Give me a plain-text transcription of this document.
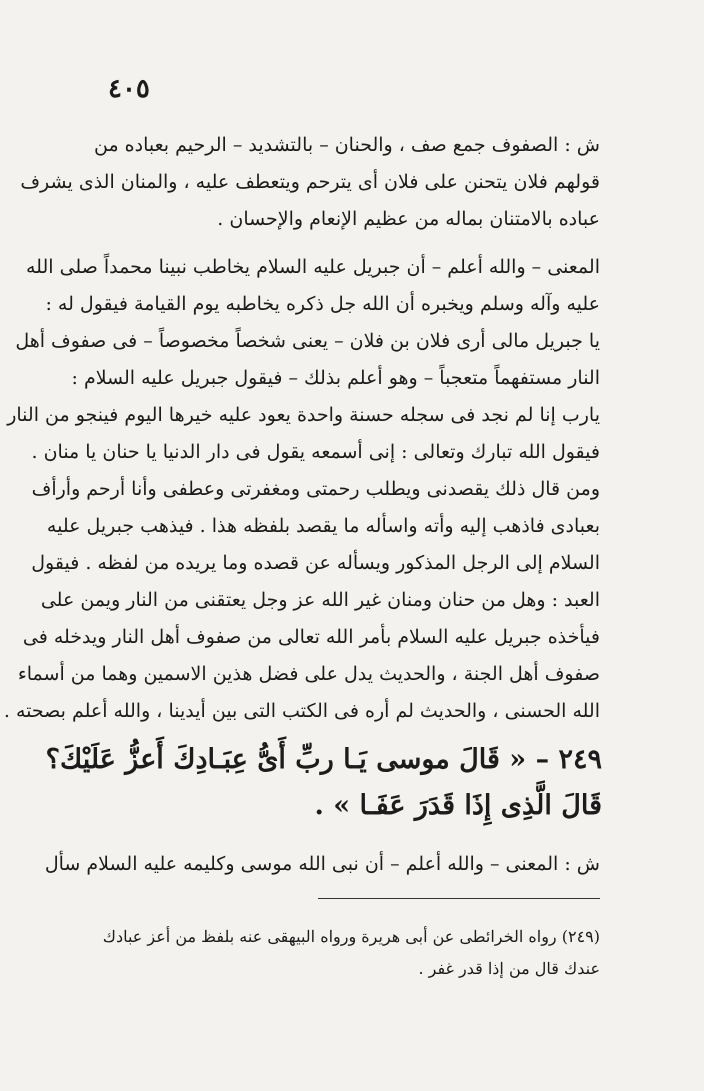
٤٠٥
ش : الصفوف جمع صف ، والحنان – بالتشديد – الرحيم بعباده من
قولهم فلان يتحنن على فلان أى يترحم ويتعطف عليه ، والمنان الذى يشرف
عباده بالامتنان بماله من عظيم الإنعام والإحسان .
المعنى – والله أعلم – أن جبريل عليه السلام يخاطب نبينا محمداً صلى الله
عليه وآله وسلم ويخبره أن الله جل ذكره يخاطبه يوم القيامة فيقول له :
يا جبريل مالى أرى فلان بن فلان – يعنى شخصاً مخصوصاً – فى صفوف أهل
النار مستفهماً متعجباً – وهو أعلم بذلك – فيقول جبريل عليه السلام :
يارب إنا لم نجد فى سجله حسنة واحدة يعود عليه خيرها اليوم فينجو من النار
فيقول الله تبارك وتعالى : إنى أسمعه يقول فى دار الدنيا يا حنان يا منان .
ومن قال ذلك يقصدنى ويطلب رحمتى ومغفرتى وعطفى وأنا أرحم وأرأف
بعبادى فاذهب إليه وأته واسأله ما يقصد بلفظه هذا . فيذهب جبريل عليه
السلام إلى الرجل المذكور ويسأله عن قصده وما يريده من لفظه . فيقول
العبد : وهل من حنان ومنان غير الله عز وجل يعتقنى من النار ويمن على
فيأخذه جبريل عليه السلام بأمر الله تعالى من صفوف أهل النار ويدخله فى
صفوف أهل الجنة ، والحديث يدل على فضل هذين الاسمين وهما من أسماء
الله الحسنى ، والحديث لم أره فى الكتب التى بين أيدينا ، والله أعلم بصحته .
٢٤٩ – « قَالَ موسى يَـا ربِّ أَىُّ عِبَـادِكَ أَعزُّ عَلَيْكَ؟
قَالَ الَّذِى إِذَا قَدَرَ عَفَـا » .
ش : المعنى – والله أعلم – أن نبى الله موسى وكليمه عليه السلام سأل
(٢٤٩) رواه الخرائطى عن أبى هريرة ورواه البيهقى عنه بلفظ من أعز عبادك
عندك قال من إذا قدر غفر .
